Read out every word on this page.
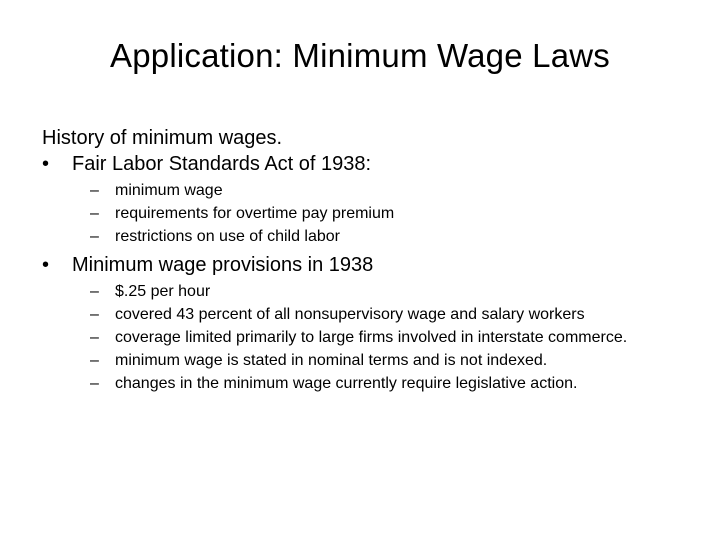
Application: Minimum Wage Laws

History of minimum wages.

• Fair Labor Standards Act of 1938:
– minimum wage
– requirements for overtime pay premium
– restrictions on use of child labor
• Minimum wage provisions in 1938
– $.25 per hour
– covered 43 percent of all nonsupervisory wage and salary workers
– coverage limited primarily to large firms involved in interstate commerce.
– minimum wage is stated in nominal terms and is not indexed.
– changes in the minimum wage currently require legislative action.
